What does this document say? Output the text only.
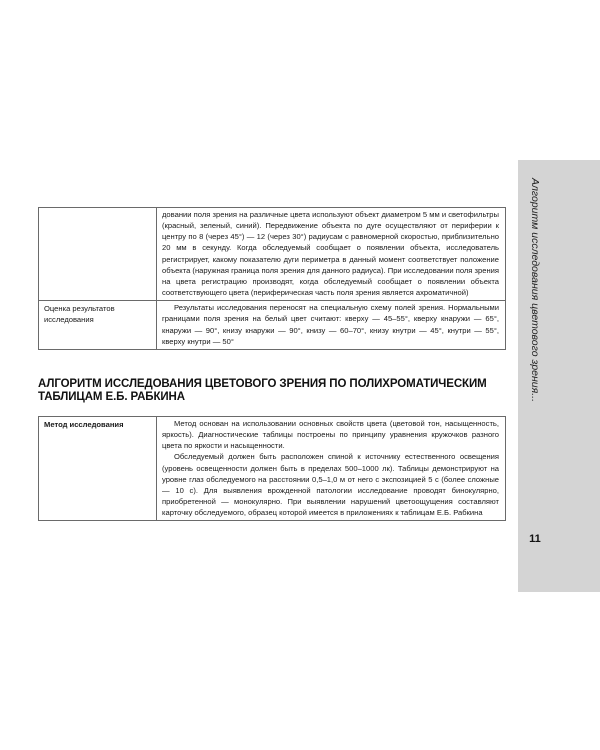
Алгоритм исследования цветового зрения...
11

	довании поля зрения на различные цвета используют объект диаметром 5 мм и светофильтры (красный, зеленый, синий). Передвижение объекта по дуге осуществляют от периферии к центру по 8 (через 45°) — 12 (через 30°) радиусам с равномерной скоростью, приблизительно 20 мм в секунду. Когда обследуемый сообщает о появлении объекта, исследователь регистрирует, какому показателю дуги периметра в данный момент соответствует положение объекта (наружная граница поля зрения для данного радиуса). При исследовании поля зрения на цвета регистрацию производят, когда обследуемый сообщает о появлении объекта соответствующего цвета (периферическая часть поля зрения является ахроматичной)

Оценка результатов исследования	Результаты исследования переносят на специальную схему полей зрения. Нормальными границами поля зрения на белый цвет считают: кверху — 45–55°, кверху кнаружи — 65°, кнаружи — 90°, книзу кнаружи — 90°, книзу — 60–70°, книзу кнутри — 45°, кнутри — 55°, кверху кнутри — 50°

АЛГОРИТМ ИССЛЕДОВАНИЯ ЦВЕТОВОГО ЗРЕНИЯ ПО ПОЛИХРОМАТИЧЕСКИМ ТАБЛИЦАМ Е.Б. РАБКИНА
Метод исследования	Метод основан на использовании основных свойств цвета (цветовой тон, насыщенность, яркость). Диагностические таблицы построены по принципу уравнения кружочков разного цвета по яркости и насыщенности.

Обследуемый должен быть расположен спиной к источнику естественного освещения (уровень освещенности должен быть в пределах 500–1000 лк). Таблицы демонстрируют на уровне глаз обследуемого на расстоянии 0,5–1,0 м от него с экспозицией 5 с (более сложные — 10 с). Для выявления врожденной патологии исследование проводят бинокулярно, приобретенной — монокулярно. При выявлении нарушений цветоощущения составляют карточку обследуемого, образец которой имеется в приложениях к таблицам Е.Б. Рабкина
